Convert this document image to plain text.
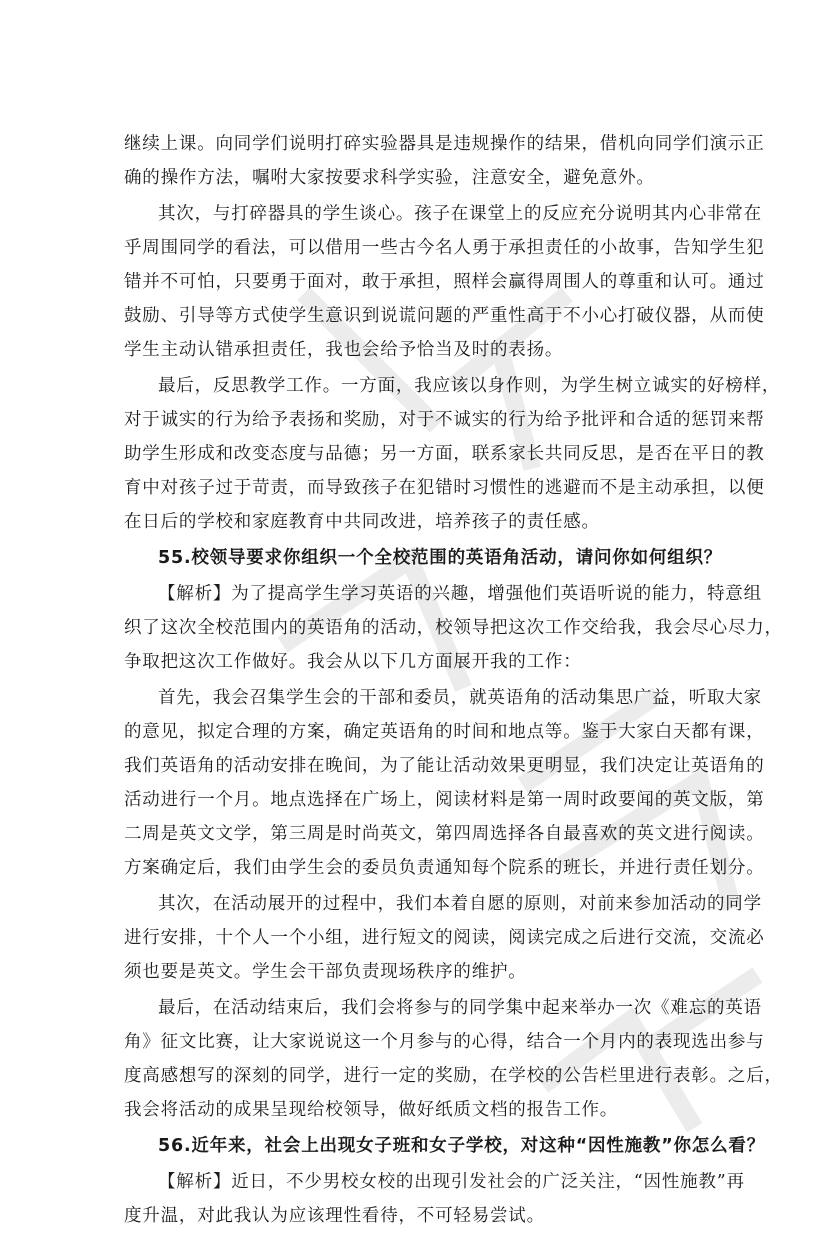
继续上课。向同学们说明打碎实验器具是违规操作的结果，借机向同学们演示正
确的操作方法，嘱咐大家按要求科学实验，注意安全，避免意外。
其次，与打碎器具的学生谈心。孩子在课堂上的反应充分说明其内心非常在
乎周围同学的看法，可以借用一些古今名人勇于承担责任的小故事，告知学生犯
错并不可怕，只要勇于面对，敢于承担，照样会赢得周围人的尊重和认可。通过
鼓励、引导等方式使学生意识到说谎问题的严重性高于不小心打破仪器，从而使
学生主动认错承担责任，我也会给予恰当及时的表扬。
最后，反思教学工作。一方面，我应该以身作则，为学生树立诚实的好榜样，
对于诚实的行为给予表扬和奖励，对于不诚实的行为给予批评和合适的惩罚来帮
助学生形成和改变态度与品德；另一方面，联系家长共同反思，是否在平日的教
育中对孩子过于苛责，而导致孩子在犯错时习惯性的逃避而不是主动承担，以便
在日后的学校和家庭教育中共同改进，培养孩子的责任感。
55.校领导要求你组织一个全校范围的英语角活动，请问你如何组织？
【解析】为了提高学生学习英语的兴趣，增强他们英语听说的能力，特意组
织了这次全校范围内的英语角的活动，校领导把这次工作交给我，我会尽心尽力，
争取把这次工作做好。我会从以下几方面展开我的工作：
首先，我会召集学生会的干部和委员，就英语角的活动集思广益，听取大家
的意见，拟定合理的方案，确定英语角的时间和地点等。鉴于大家白天都有课，
我们英语角的活动安排在晚间，为了能让活动效果更明显，我们决定让英语角的
活动进行一个月。地点选择在广场上，阅读材料是第一周时政要闻的英文版，第
二周是英文文学，第三周是时尚英文，第四周选择各自最喜欢的英文进行阅读。
方案确定后，我们由学生会的委员负责通知每个院系的班长，并进行责任划分。
其次，在活动展开的过程中，我们本着自愿的原则，对前来参加活动的同学
进行安排，十个人一个小组，进行短文的阅读，阅读完成之后进行交流，交流必
须也要是英文。学生会干部负责现场秩序的维护。
最后，在活动结束后，我们会将参与的同学集中起来举办一次《难忘的英语
角》征文比赛，让大家说说这一个月参与的心得，结合一个月内的表现选出参与
度高感想写的深刻的同学，进行一定的奖励，在学校的公告栏里进行表彰。之后，
我会将活动的成果呈现给校领导，做好纸质文档的报告工作。
56.近年来，社会上出现女子班和女子学校，对这种“因性施教”你怎么看？
【解析】近日，不少男校女校的出现引发社会的广泛关注，“因性施教”再
度升温，对此我认为应该理性看待，不可轻易尝试。
